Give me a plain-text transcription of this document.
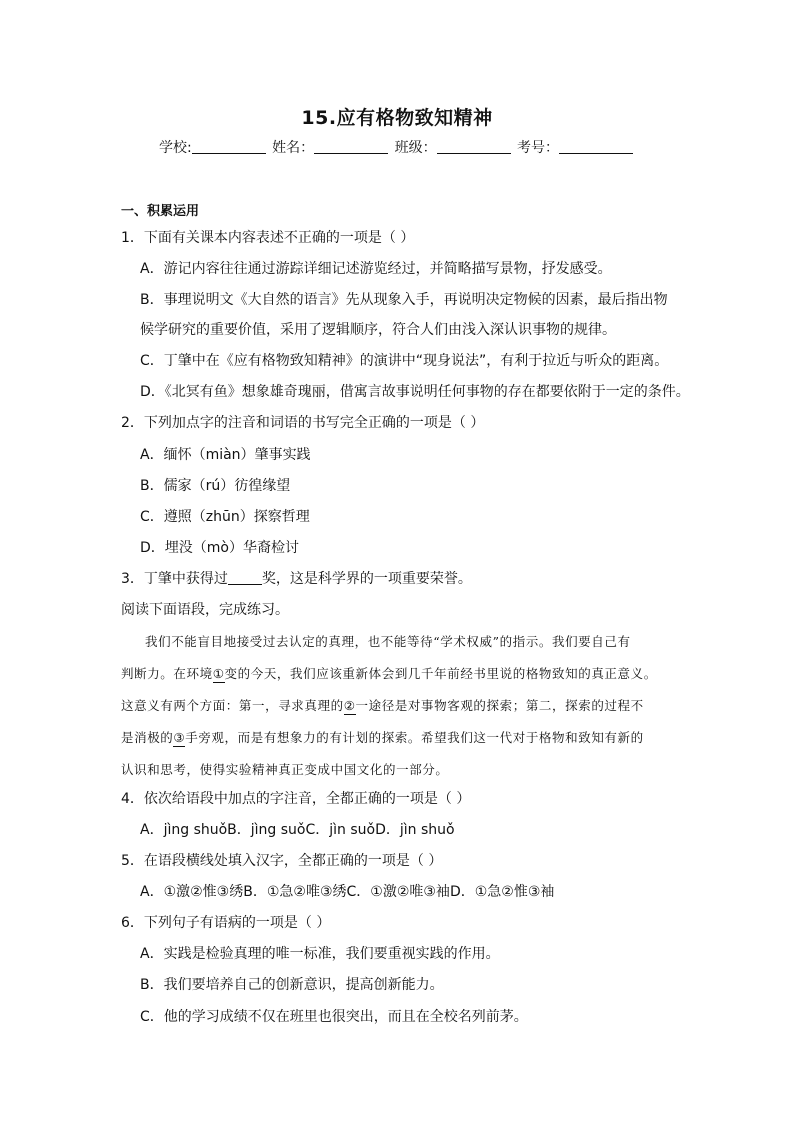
15.应有格物致知精神
学校:	姓名：	班级：	考号：
一、积累运用
1．下面有关课本内容表述不正确的一项是（ ）
A．游记内容往往通过游踪详细记述游览经过，并简略描写景物，抒发感受。
B．事理说明文《大自然的语言》先从现象入手，再说明决定物候的因素，最后指出物
候学研究的重要价值，采用了逻辑顺序，符合人们由浅入深认识事物的规律。
C．丁肇中在《应有格物致知精神》的演讲中“现身说法”，有利于拉近与听众的距离。
D．《北冥有鱼》想象雄奇瑰丽，借寓言故事说明任何事物的存在都要依附于一定的条件。
2．下列加点字的注音和词语的书写完全正确的一项是（ ）
A．缅怀（miàn）肇事实践
B．儒家（rú）彷徨缘望
C．遵照（zhūn）探察哲理
D．埋没（mò）华裔检讨
3．丁肇中获得过 奖，这是科学界的一项重要荣誉。
阅读下面语段，完成练习。
我们不能盲目地接受过去认定的真理，也不能等待“学术权威”的指示。我们要自己有
判断力。在环境①变的今天，我们应该重新体会到几千年前经书里说的格物致知的真正意义。
这意义有两个方面：第一，寻求真理的②一途径是对事物客观的探索；第二，探索的过程不
是消极的③手旁观，而是有想象力的有计划的探索。希望我们这一代对于格物和致知有新的
认识和思考，使得实验精神真正变成中国文化的一部分。
4．依次给语段中加点的字注音，全都正确的一项是（ ）
A．jìng shuǒB．jìng suǒC．jìn suǒD．jìn shuǒ
5．在语段横线处填入汉字，全都正确的一项是（ ）
A．①激②惟③绣B．①急②唯③绣C．①激②唯③袖D．①急②惟③袖
6．下列句子有语病的一项是（ ）
A．实践是检验真理的唯一标准，我们要重视实践的作用。
B．我们要培养自己的创新意识，提高创新能力。
C．他的学习成绩不仅在班里也很突出，而且在全校名列前茅。
